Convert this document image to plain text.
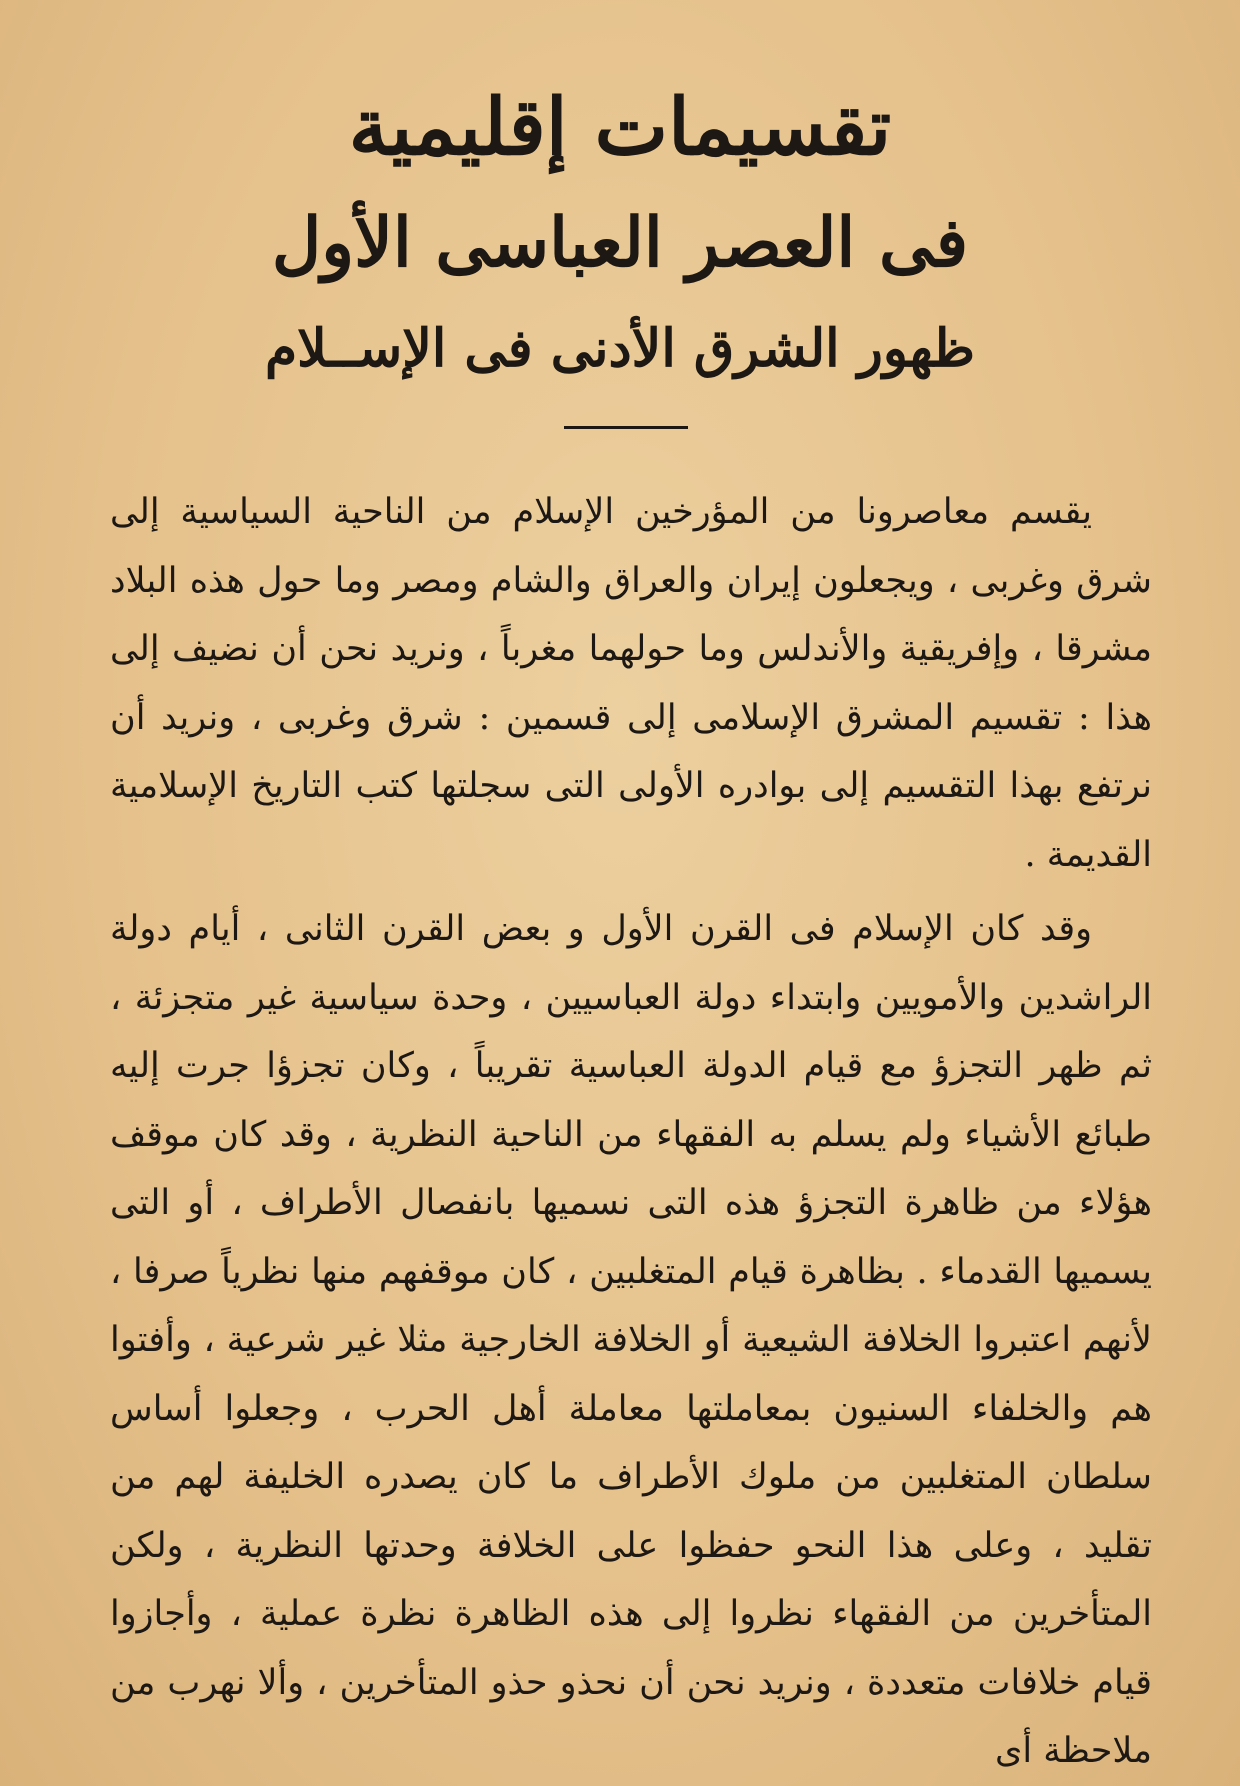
تقسيمات إقليمية
فى العصر العباسى الأول
ظهور الشرق الأدنى فى الإســلام

يقسم معاصرونا من المؤرخين الإسلام من الناحية السياسية إلى شرق وغربى ، ويجعلون إيران والعراق والشام ومصر وما حول هذه البلاد مشرقا ، وإفريقية والأندلس وما حولهما مغرباً ، ونريد نحن أن نضيف إلى هذا : تقسيم المشرق الإسلامى إلى قسمين : شرق وغربى ، ونريد أن نرتفع بهذا التقسيم إلى بوادره الأولى التى سجلتها كتب التاريخ الإسلامية القديمة .

وقد كان الإسلام فى القرن الأول و بعض القرن الثانى ، أيام دولة الراشدين والأمويين وابتداء دولة العباسيين ، وحدة سياسية غير متجزئة ، ثم ظهر التجزؤ مع قيام الدولة العباسية تقريباً ، وكان تجزؤا جرت إليه طبائع الأشياء ولم يسلم به الفقهاء من الناحية النظرية ، وقد كان موقف هؤلاء من ظاهرة التجزؤ هذه التى نسميها بانفصال الأطراف ، أو التى يسميها القدماء . بظاهرة قيام المتغلبين ، كان موقفهم منها نظرياً صرفا ، لأنهم اعتبروا الخلافة الشيعية أو الخلافة الخارجية مثلا غير شرعية ، وأفتوا هم والخلفاء السنيون بمعاملتها معاملة أهل الحرب ، وجعلوا أساس سلطان المتغلبين من ملوك الأطراف ما كان يصدره الخليفة لهم من تقليد ، وعلى هذا النحو حفظوا على الخلافة وحدتها النظرية ، ولكن المتأخرين من الفقهاء نظروا إلى هذه الظاهرة نظرة عملية ، وأجازوا قيام خلافات متعددة ، ونريد نحن أن نحذو حذو المتأخرين ، وألا نهرب من ملاحظة أى
